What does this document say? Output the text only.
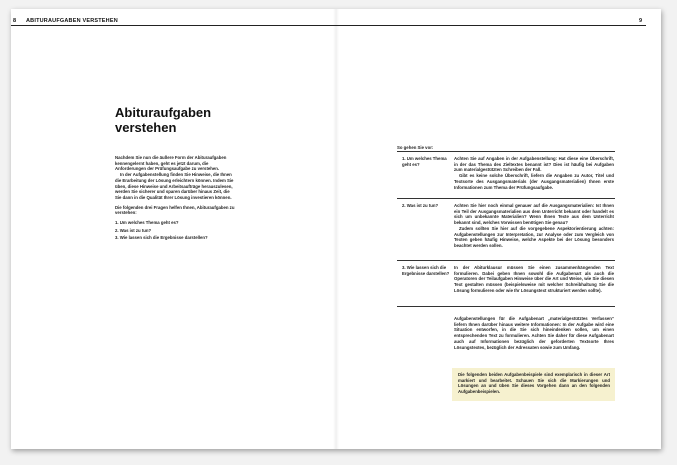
8 ABITURAUFGABEN VERSTEHEN
Abituraufgaben verstehen

Nachdem Sie nun die äußere Form der Abituraufgaben kennengelernt haben, geht es jetzt darum, die Anforderungen der Prüfungsaufgabe zu verstehen.

In der Aufgabenstellung finden Sie Hinweise, die Ihnen die Erarbeitung der Lösung erleichtern können. Indem Sie üben, diese Hinweise und Arbeitsaufträge herauszulesen, werden Sie sicherer und sparen darüber hinaus Zeit, die Sie dann in die Qualität Ihrer Lösung investieren können.

Die folgenden drei Fragen helfen Ihnen, Abituraufgaben zu verstehen:

1. Um welches Thema geht es?

2. Was ist zu tun?

3. Wie lassen sich die Ergebnisse darstellen?

9
So gehen Sie vor:
1. Um welches Thema geht es?
Achten Sie auf Angaben in der Aufgabenstellung: Hat diese eine Überschrift, in der das Thema des Zieltextes benannt ist? Dies ist häufig bei Aufgaben zum materialgestützten Schreiben der Fall.
Gibt es keine solche Überschrift, liefern die Angaben zu Autor, Titel und Textsorte des Ausgangsmaterials (der Ausgangsmaterialien) Ihnen erste Informationen zum Thema der Prüfungsaufgabe.
2. Was ist zu tun?	Achten Sie hier noch einmal genauer auf die Ausgangsmaterialien: Ist Ihnen ein Teil der Ausgangsmaterialien aus dem Unterricht bekannt oder handelt es sich um unbekannte Materialien? Wenn Ihnen Texte aus dem Unterricht bekannt sind, welches Vorwissen benötigen Sie genau?
Zudem sollten Sie hier auf die vorgegebene Aspektorientierung achten: Aufgabenstellungen zur Interpretation, zur Analyse oder zum Vergleich von Texten geben häufig Hinweise, welche Aspekte bei der Lösung besonders beachtet werden sollen.
3. Wie lassen sich die Ergebnisse darstellen?
In der Abiturklausur müssen Sie einen zusammenhängenden Text formulieren. Dabei geben Ihnen sowohl die Aufgabenart als auch die Operatoren der Teilaufgaben Hinweise über die Art und Weise, wie Sie diesen Text gestalten müssen (beispielsweise mit welcher Schreibhaltung Sie die Lösung formulieren oder wie Ihr Lösungstext strukturiert werden sollte).
Aufgabenstellungen für die Aufgabenart „materialgestütztes Verfassen“ liefern Ihnen darüber hinaus weitere Informationen: In der Aufgabe wird eine Situation entworfen, in die Sie sich hineindenken sollen, um einen entsprechenden Text zu formulieren. Achten Sie daher für diese Aufgabenart auch auf Informationen bezüglich der geforderten Textsorte Ihres Lösungstextes, bezüglich der Adressaten sowie zum Umfang.
Die folgenden beiden Aufgabenbeispiele sind exemplarisch in dieser Art markiert und bearbeitet. Schauen Sie sich die Markierungen und Lösungen an und üben Sie dieses Vorgehen dann an den folgenden Aufgabenbeispielen.
